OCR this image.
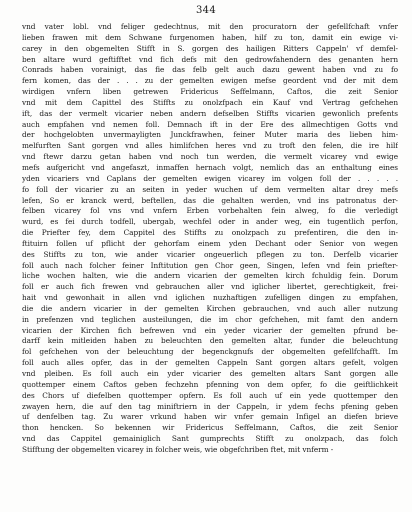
344
vnd vater lobl. vnd feliger gedechtnus, mit den procuratorn der gefellfchaft vnfer
lieben frawen mit dem Schwane furgenomen haben, hilf zu ton, damit ein ewige vi-
carey in den obgemelten Stifft in S. gorgen des hailigen Ritters Cappeln' vf demfel-
ben altare wurd geftifftet vnd fich defs mit den gedrowfahendern des genanten hern
Conrads haben vorainigt, das fie das felb gelt auch dazu gewent haben vnd zu fo
fern komen, das der . . . zu der gemelten ewigen mefse geordent vnd der mit dem
wirdigen vnfern liben getrewen Fridericus Seffelmann, Caftos, die zeit Senior
vnd mit dem Capittel des Stiffts zu onolzfpach ein Kauf vnd Vertrag gefchehen
ift, das der vermelt vicarier neben andern defselben Stiffts vicarien gewonlich prefents
auch empfahen vnd nemen foll. Demnach ift in der Ere des allmechtigen Gotts vnd
der hochgelobten unvermayligten Junckfrawhen, feiner Muter maria des lieben him-
melfurften Sant gorgen vnd alles himlifchen heres vnd zu troft den felen, die ire hilf
vnd ftewr darzu getan haben vnd noch tun werden, die vermelt vicarey vnd ewige
mefs aufgericht vnd angefaszt, inmaffen hernach volgt, nemlich das an enthaltung eines
yden vicariers vnd Caplans der gemelten ewigen vicarey im volgen foll der . . . . .
fo foll der vicarier zu an seiten in yeder wuchen uf dem vermelten altar drey mefs
lefen, So er kranck werd, beftellen, das die gehalten werden, vnd ins patronatus der-
felben vicarey fol vns vnd vnfern Erben vorbehalten fein alweg, fo die verledigt
wurd, es fei durch todfell, ubergab, wechfel oder in ander weg, ein tugentlich perfon,
die Priefter fey, dem Cappitel des Stiffts zu onolzpach zu prefentiren, die den in-
ftituirn follen uf pflicht der gehorfam einem yden Dechant oder Senior von wegen
des Stiffts zu ton, wie ander vicarier ongeuerlich pflegen zu ton. Derfelb vicarier
foll auch nach folcher feiner Inftitution gen Chor geen, Singen, lefen vnd fein priefter-
liche wochen halten, wie die andern vicarien der gemelten kirch fchuldig fein. Dorum
foll er auch fich frewen vnd gebrauchen aller vnd iglicher libertet, gerechtigkeit, frei-
hait vnd gewonhait in allen vnd iglichen nuzhaftigen zufelligen dingen zu empfahen,
die die andern vicarier in der gemelten Kirchen gebrauchen, vnd auch aller nutzung
in prefenzen vnd teglichen austeilungen, die im chor gefchehen, mit famt den andern
vicarien der Kirchen fich befrewen vnd ein yeder vicarier der gemelten pfrund be-
darff kein mitleiden haben zu beleuchten den gemelten altar, funder die beleuchtung
fol gefchehen von der beleuchtung der begenckgnufs der obgemelten gefellfchafft. Im
foll auch alles opfer, das in der gemelten Cappeln Sant gorgen altars gefelt, volgen
vnd pleiben. Es foll auch ein yder vicarier des gemelten altars Sant gorgen alle
quottemper einem Caftos geben fechzehn pfenning von dem opfer, fo die geiftlichkeit
des Chors uf diefelben quottemper opfern. Es foll auch uf ein yede quottemper den
zwayen hern, die auf den tag miniftriern in der Cappeln, ir ydem fechs pfening geben
uf denfelben tag. Zu warer vrkund haben wir vnfer gemain Infigel an diefen brieve
thon hencken. So bekennen wir Fridericus Seffelmann, Caftos, die zeit Senior
vnd das Cappitel gemainiglich Sant gumprechts Stifft zu onolzpach, das folch
Stifftung der obgemelten vicarey in folcher weis, wie obgefchriben ftet, mit vnferm -
